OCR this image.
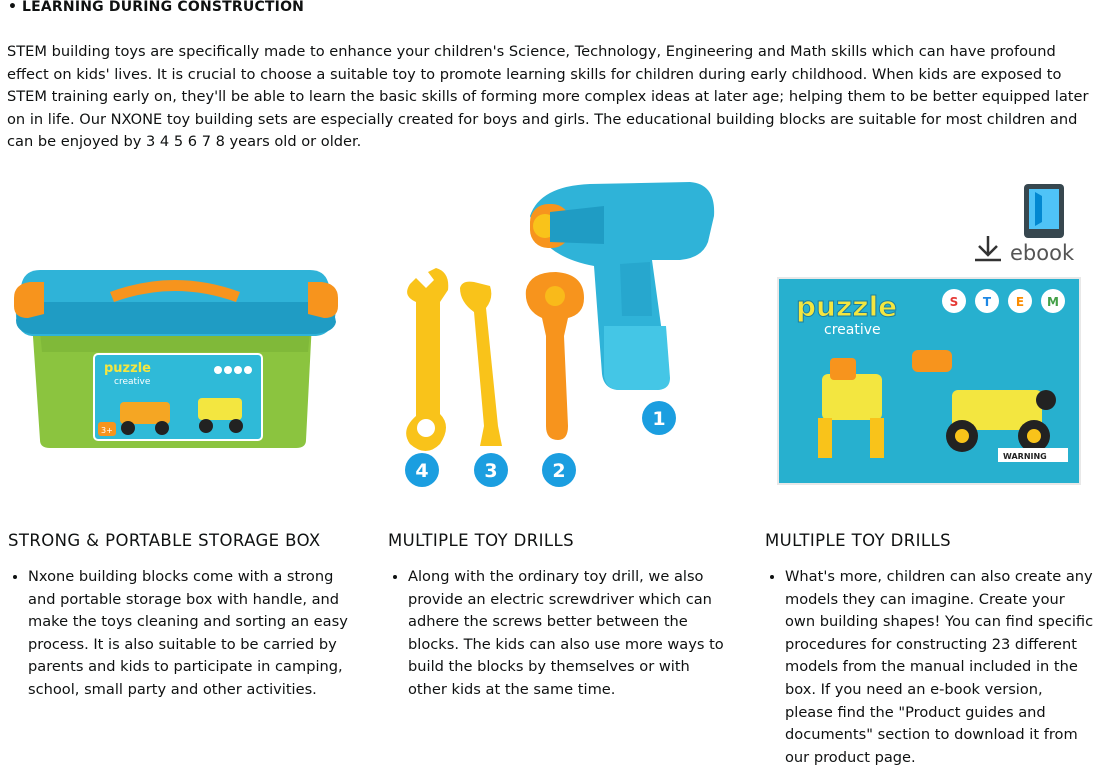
• LEARNING DURING CONSTRUCTION

STEM building toys are specifically made to enhance your children's Science, Technology, Engineering and Math skills which can have profound effect on kids' lives. It is crucial to choose a suitable toy to promote learning skills for children during early childhood. When kids are exposed to STEM training early on, they'll be able to learn the basic skills of forming more complex ideas at later age; helping them to be better equipped later on in life. Our NXONE toy building sets are especially created for boys and girls. The educational building blocks are suitable for most children and can be enjoyed by 3 4 5 6 7 8 years old or older.

puzzle
creative
3+
4	3	2
1
ebook
puzzle
creative
S T E M
WARNING
STRONG & PORTABLE STORAGE BOX
• Nxone building blocks come with a strong and portable storage box with handle, and make the toys cleaning and sorting an easy process. It is also suitable to be carried by parents and kids to participate in camping, school, small party and other activities.
MULTIPLE TOY DRILLS
• Along with the ordinary toy drill, we also provide an electric screwdriver which can adhere the screws better between the blocks. The kids can also use more ways to build the blocks by themselves or with other kids at the same time.
MULTIPLE TOY DRILLS
• What's more, children can also create any models they can imagine. Create your own building shapes! You can find specific procedures for constructing 23 different models from the manual included in the box. If you need an e-book version, please find the "Product guides and documents" section to download it from our product page.
